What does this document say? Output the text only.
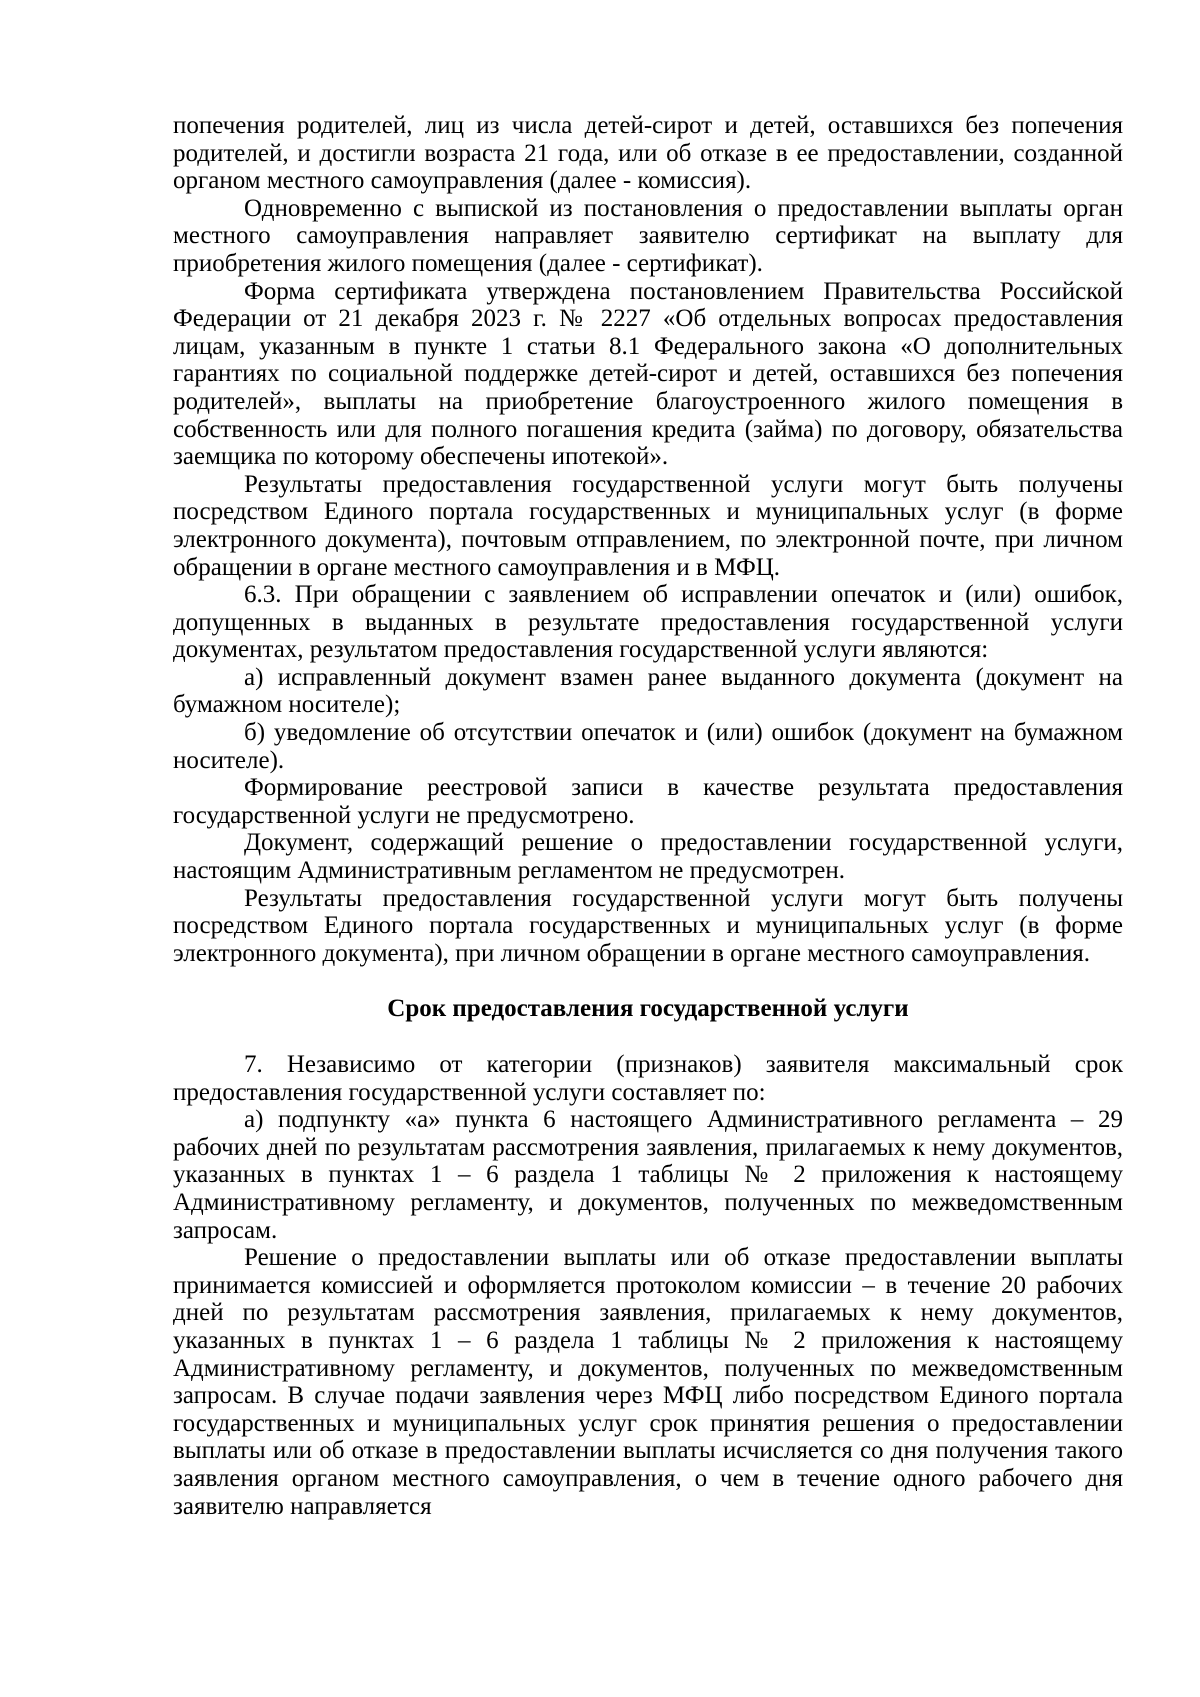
попечения родителей, лиц из числа детей-сирот и детей, оставшихся без попечения родителей, и достигли возраста 21 года, или об отказе в ее предоставлении, созданной органом местного самоуправления (далее - комиссия).

Одновременно с выпиской из постановления о предоставлении выплаты орган местного самоуправления направляет заявителю сертификат на выплату для приобретения жилого помещения (далее - сертификат).

Форма сертификата утверждена постановлением Правительства Российской Федерации от 21 декабря 2023 г. № 2227 «Об отдельных вопросах предоставления лицам, указанным в пункте 1 статьи 8.1 Федерального закона «О дополнительных гарантиях по социальной поддержке детей-сирот и детей, оставшихся без попечения родителей», выплаты на приобретение благоустроенного жилого помещения в собственность или для полного погашения кредита (займа) по договору, обязательства заемщика по которому обеспечены ипотекой».

Результаты предоставления государственной услуги могут быть получены посредством Единого портала государственных и муниципальных услуг (в форме электронного документа), почтовым отправлением, по электронной почте, при личном обращении в органе местного самоуправления и в МФЦ.

6.3. При обращении с заявлением об исправлении опечаток и (или) ошибок, допущенных в выданных в результате предоставления государственной услуги документах, результатом предоставления государственной услуги являются:

а) исправленный документ взамен ранее выданного документа (документ на бумажном носителе);

б) уведомление об отсутствии опечаток и (или) ошибок (документ на бумажном носителе).

Формирование реестровой записи в качестве результата предоставления государственной услуги не предусмотрено.

Документ, содержащий решение о предоставлении государственной услуги, настоящим Административным регламентом не предусмотрен.

Результаты предоставления государственной услуги могут быть получены посредством Единого портала государственных и муниципальных услуг (в форме электронного документа), при личном обращении в органе местного самоуправления.

Срок предоставления государственной услуги

7. Независимо от категории (признаков) заявителя максимальный срок предоставления государственной услуги составляет по:

а) подпункту «а» пункта 6 настоящего Административного регламента – 29 рабочих дней по результатам рассмотрения заявления, прилагаемых к нему документов, указанных в пунктах 1 – 6 раздела 1 таблицы № 2 приложения к настоящему Административному регламенту, и документов, полученных по межведомственным запросам.

Решение о предоставлении выплаты или об отказе предоставлении выплаты принимается комиссией и оформляется протоколом комиссии – в течение 20 рабочих дней по результатам рассмотрения заявления, прилагаемых к нему документов, указанных в пунктах 1 – 6 раздела 1 таблицы № 2 приложения к настоящему Административному регламенту, и документов, полученных по межведомственным запросам. В случае подачи заявления через МФЦ либо посредством Единого портала государственных и муниципальных услуг срок принятия решения о предоставлении выплаты или об отказе в предоставлении выплаты исчисляется со дня получения такого заявления органом местного самоуправления, о чем в течение одного рабочего дня заявителю направляется
